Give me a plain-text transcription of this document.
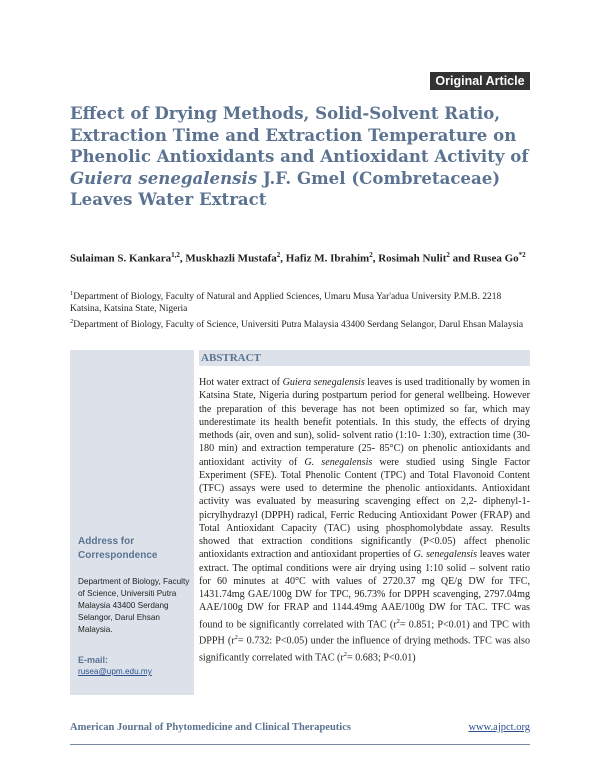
Original Article
Effect of Drying Methods, Solid-Solvent Ratio, Extraction Time and Extraction Temperature on Phenolic Antioxidants and Antioxidant Activity of Guiera senegalensis J.F. Gmel (Combretaceae) Leaves Water Extract

Sulaiman S. Kankara$^{1,2}$, Muskhazli Mustafa$^2$, Hafiz M. Ibrahim$^2$, Rosimah Nulit$^2$ and Rusea Go$^{*2}$

$^1$Department of Biology, Faculty of Natural and Applied Sciences, Umaru Musa Yar'adua University P.M.B. 2218 Katsina, Katsina State, Nigeria
$^2$Department of Biology, Faculty of Science, Universiti Putra Malaysia 43400 Serdang Selangor, Darul Ehsan Malaysia
Address for Correspondence
Department of Biology, Faculty of Science, Universiti Putra Malaysia 43400 Serdang Selangor, Darul Ehsan Malaysia.
E-mail:
rusea@upm.edu.my
ABSTRACT

Hot water extract of Guiera senegalensis leaves is used traditionally by women in Katsina State, Nigeria during postpartum period for general wellbeing. However the preparation of this beverage has not been optimized so far, which may underestimate its health benefit potentials. In this study, the effects of drying methods (air, oven and sun), solid- solvent ratio (1:10- 1:30), extraction time (30- 180 min) and extraction temperature (25- 85°C) on phenolic antioxidants and antioxidant activity of G. senegalensis were studied using Single Factor Experiment (SFE). Total Phenolic Content (TPC) and Total Flavonoid Content (TFC) assays were used to determine the phenolic antioxidants. Antioxidant activity was evaluated by measuring scavenging effect on 2,2- diphenyl-1- picrylhydrazyl (DPPH) radical, Ferric Reducing Antioxidant Power (FRAP) and Total Antioxidant Capacity (TAC) using phosphomolybdate assay. Results showed that extraction conditions significantly (P<0.05) affect phenolic antioxidants extraction and antioxidant properties of G. senegalensis leaves water extract. The optimal conditions were air drying using 1:10 solid – solvent ratio for 60 minutes at 40°C with values of 2720.37 mg QE/g DW for TFC, 1431.74mg GAE/100g DW for TPC, 96.73% for DPPH scavenging, 2797.04mg AAE/100g DW for FRAP and 1144.49mg AAE/100g DW for TAC. TFC was found to be significantly correlated with TAC ($r^2= 0.851$; P<0.01) and TPC with DPPH ($r^2= 0.732$: P<0.05) under the influence of drying methods. TFC was also significantly correlated with TAC ($r^2= 0.683$; P<0.01)

American Journal of Phytomedicine and Clinical Therapeutics	www.ajpct.org
